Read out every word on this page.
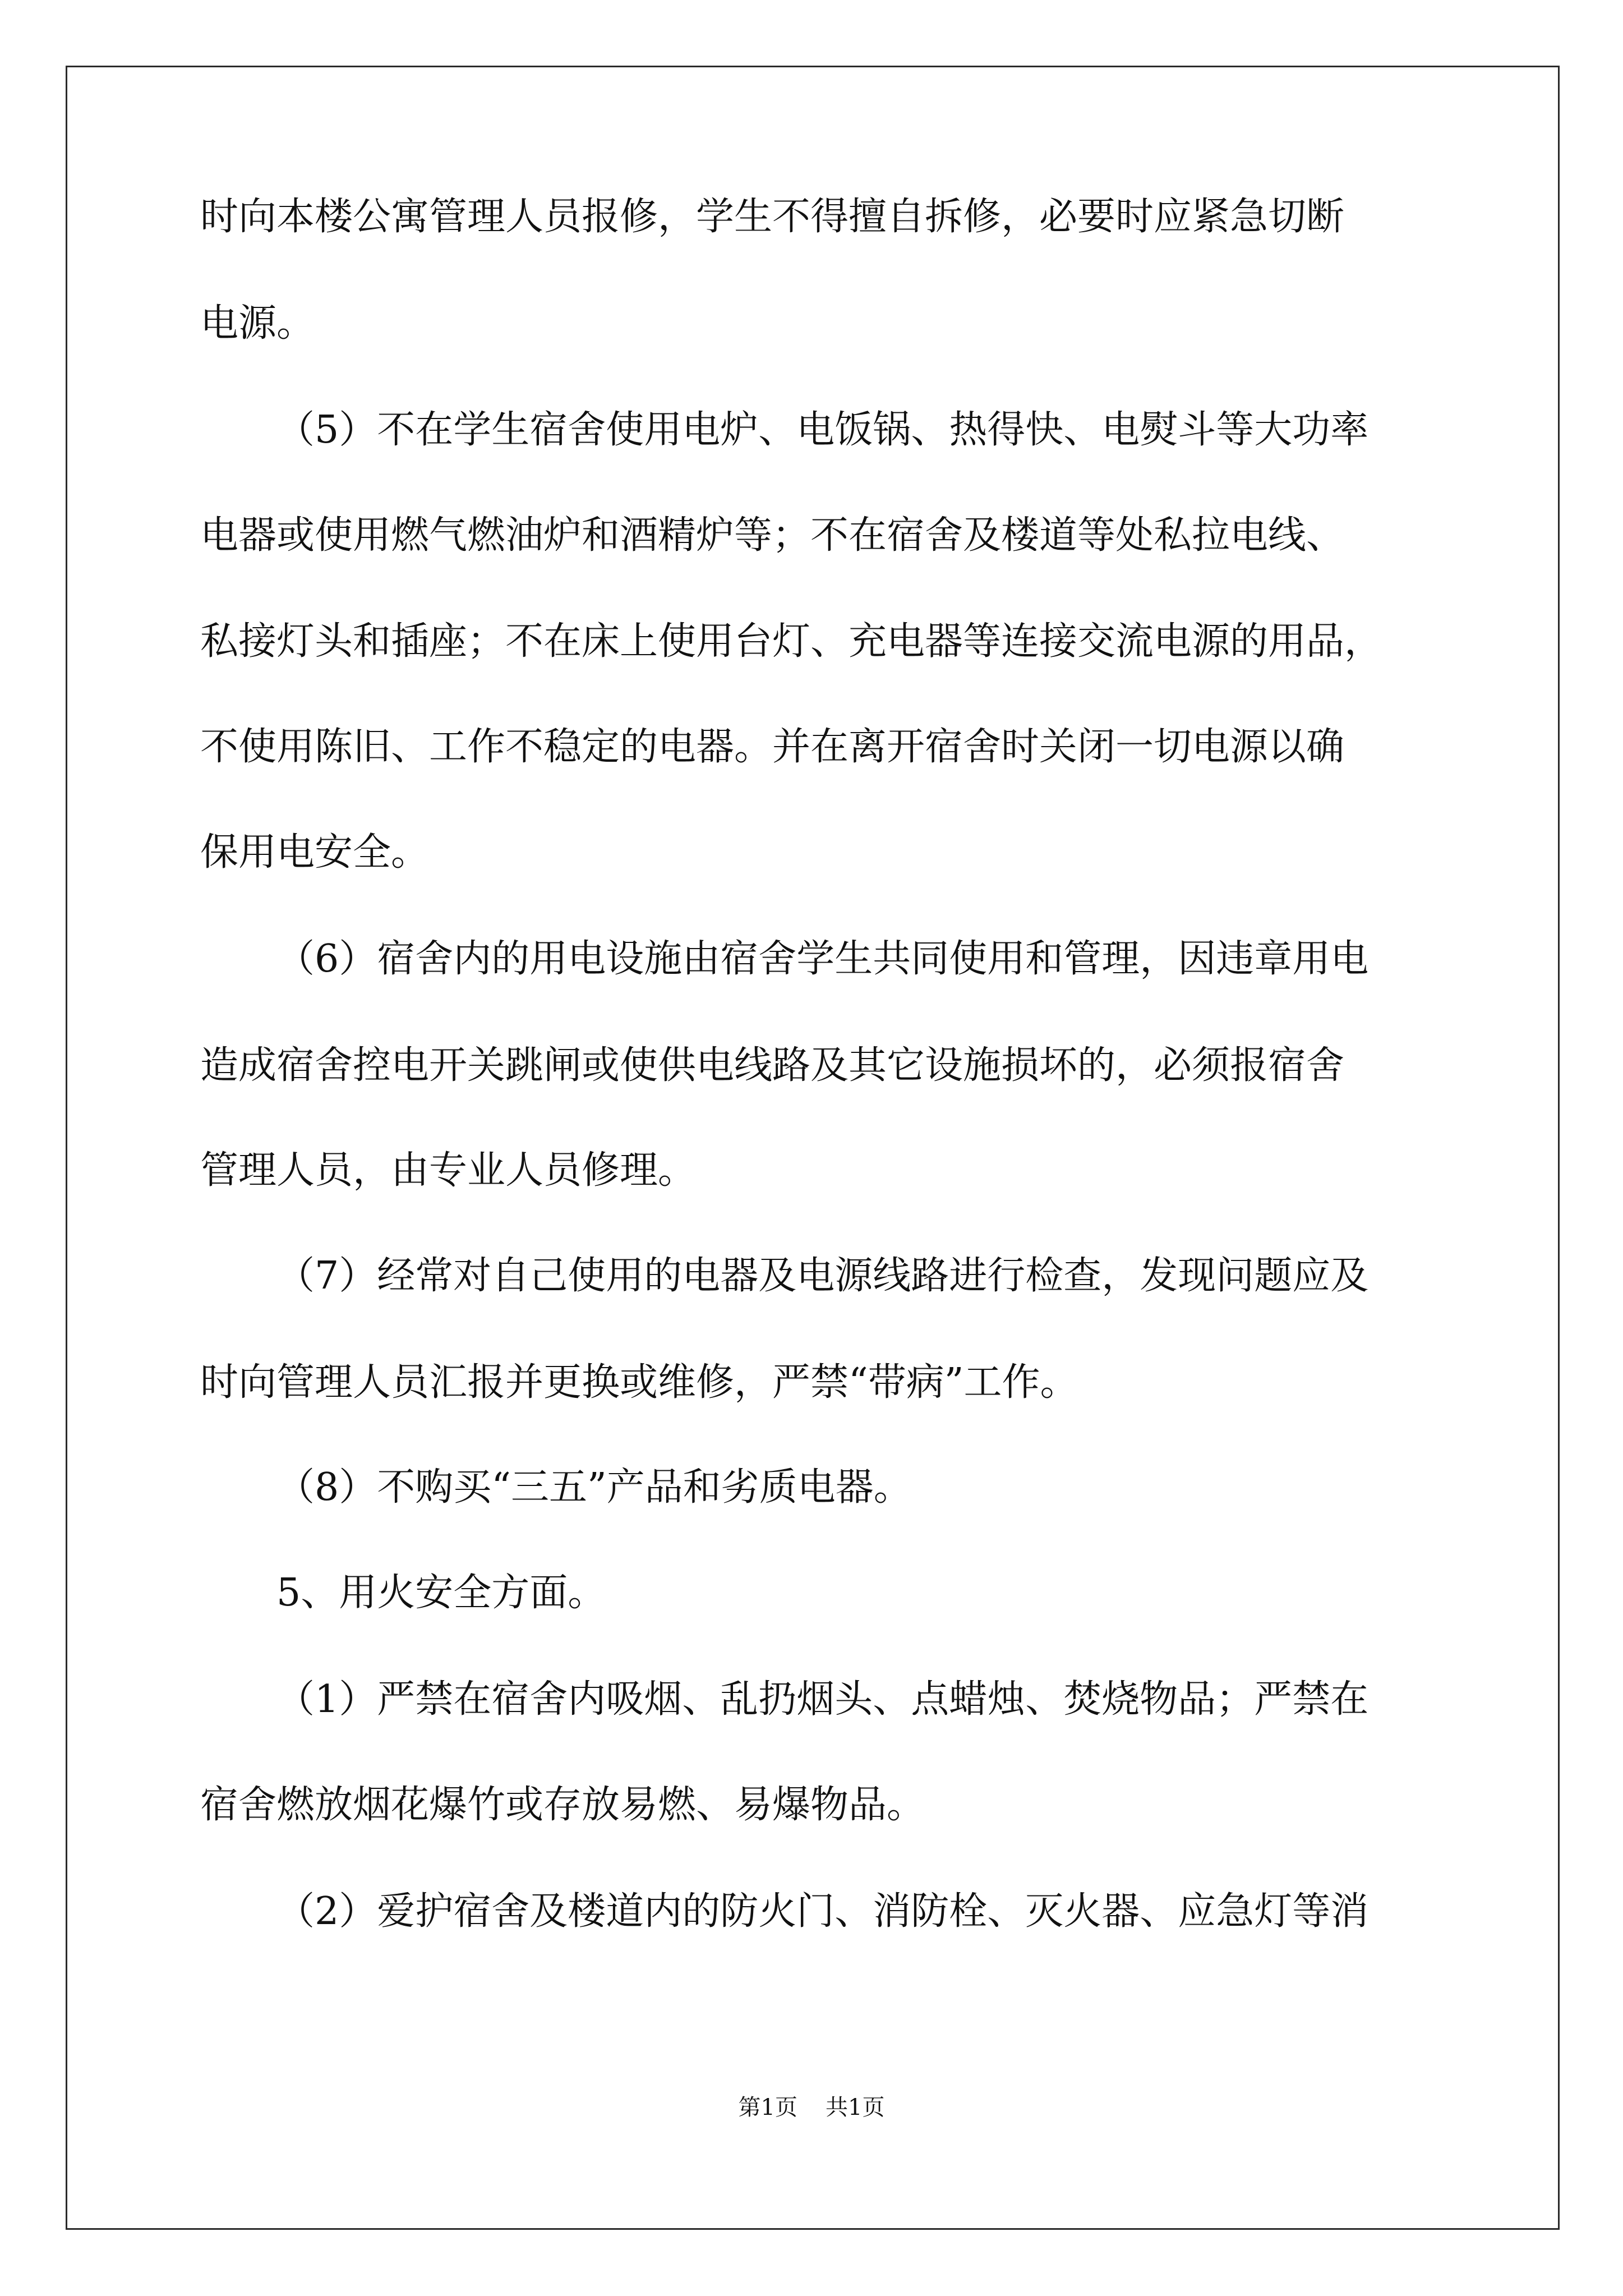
时向本楼公寓管理人员报修，学生不得擅自拆修，必要时应紧急切断
电源。
（5）不在学生宿舍使用电炉、电饭锅、热得快、电熨斗等大功率
电器或使用燃气燃油炉和酒精炉等；不在宿舍及楼道等处私拉电线、
私接灯头和插座；不在床上使用台灯、充电器等连接交流电源的用品，
不使用陈旧、工作不稳定的电器。并在离开宿舍时关闭一切电源以确
保用电安全。
（6）宿舍内的用电设施由宿舍学生共同使用和管理，因违章用电
造成宿舍控电开关跳闸或使供电线路及其它设施损坏的，必须报宿舍
管理人员，由专业人员修理。
（7）经常对自己使用的电器及电源线路进行检查，发现问题应及
时向管理人员汇报并更换或维修，严禁“带病”工作。
（8）不购买“三五”产品和劣质电器。
5、用火安全方面。
（1）严禁在宿舍内吸烟、乱扔烟头、点蜡烛、焚烧物品；严禁在
宿舍燃放烟花爆竹或存放易燃、易爆物品。
（2）爱护宿舍及楼道内的防火门、消防栓、灭火器、应急灯等消
第1页 共1页
